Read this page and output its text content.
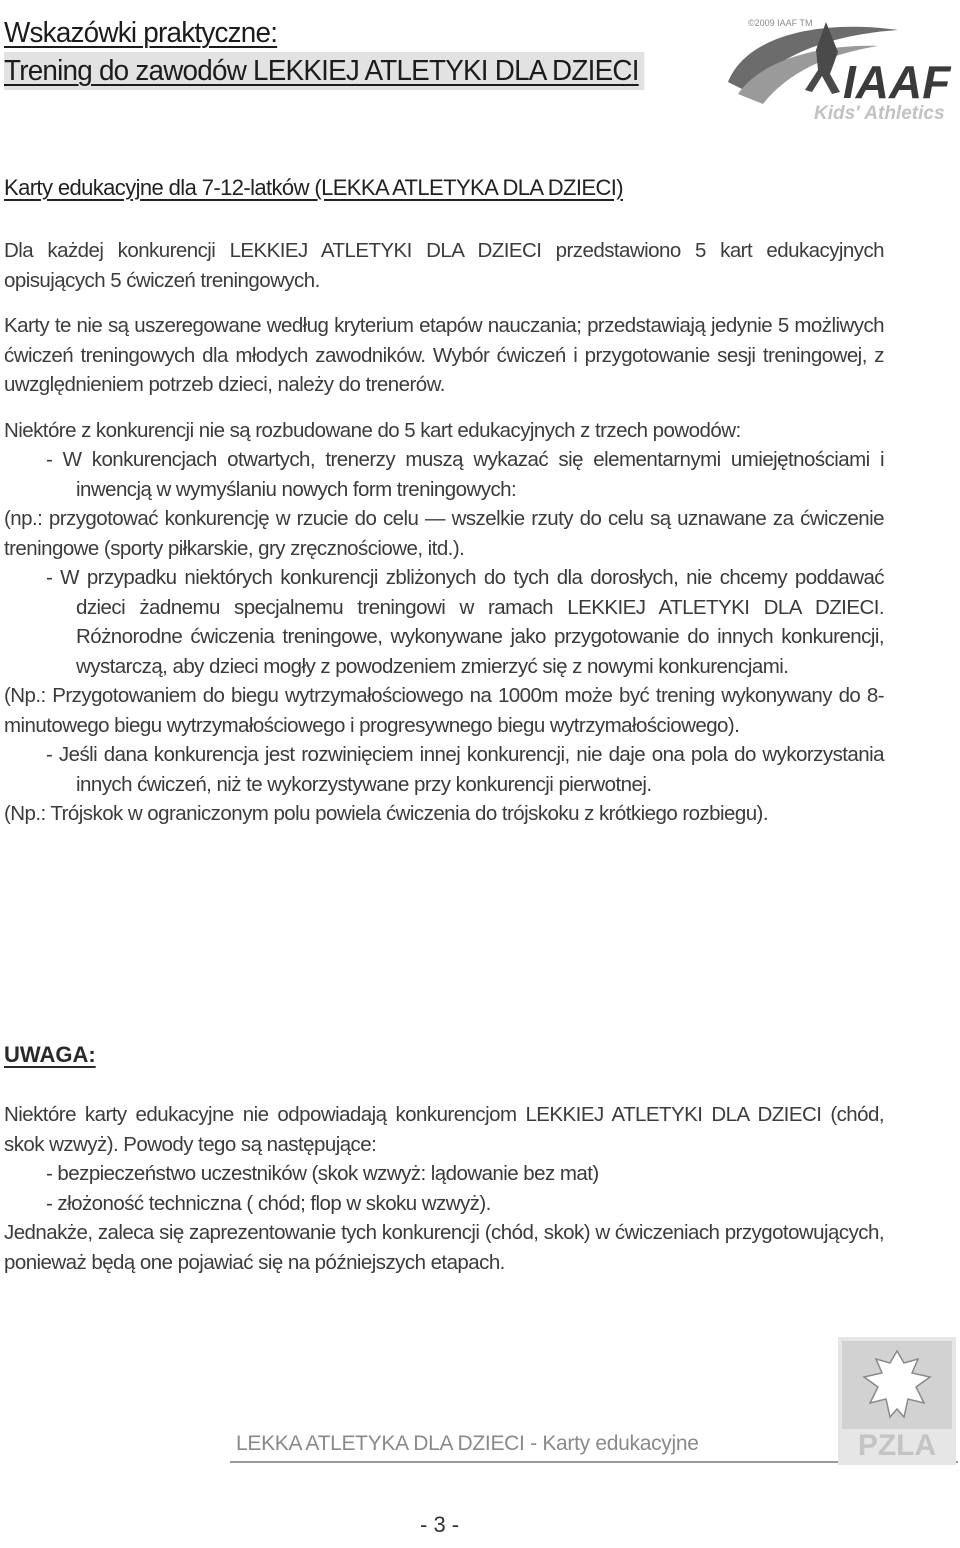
Wskazówki praktyczne:
Trening do zawodów LEKKIEJ ATLETYKI DLA DZIECI
©2009 IAAF TM
IAAF
Kids' Athletics
Karty edukacyjne dla 7-12-latków (LEKKA ATLETYKA DLA DZIECI)

Dla każdej konkurencji LEKKIEJ ATLETYKI DLA DZIECI przedstawiono 5 kart edukacyjnych opisujących 5 ćwiczeń treningowych.

Karty te nie są uszeregowane według kryterium etapów nauczania; przedstawiają jedynie 5 możliwych ćwiczeń treningowych dla młodych zawodników. Wybór ćwiczeń i przygotowanie sesji treningowej, z uwzględnieniem potrzeb dzieci, należy do trenerów.

Niektóre z konkurencji nie są rozbudowane do 5 kart edukacyjnych z trzech powodów:

- W konkurencjach otwartych, trenerzy muszą wykazać się elementarnymi umiejętnościami i inwencją w wymyślaniu nowych form treningowych:

(np.: przygotować konkurencję w rzucie do celu — wszelkie rzuty do celu są uznawane za ćwiczenie treningowe (sporty piłkarskie, gry zręcznościowe, itd.).

- W przypadku niektórych konkurencji zbliżonych do tych dla dorosłych, nie chcemy poddawać dzieci żadnemu specjalnemu treningowi w ramach LEKKIEJ ATLETYKI DLA DZIECI. Różnorodne ćwiczenia treningowe, wykonywane jako przygotowanie do innych konkurencji, wystarczą, aby dzieci mogły z powodzeniem zmierzyć się z nowymi konkurencjami.

(Np.: Przygotowaniem do biegu wytrzymałościowego na 1000m może być trening wykonywany do 8-minutowego biegu wytrzymałościowego i progresywnego biegu wytrzymałościowego).

- Jeśli dana konkurencja jest rozwinięciem innej konkurencji, nie daje ona pola do wykorzystania innych ćwiczeń, niż te wykorzystywane przy konkurencji pierwotnej.

(Np.: Trójskok w ograniczonym polu powiela ćwiczenia do trójskoku z krótkiego rozbiegu).

UWAGA:

Niektóre karty edukacyjne nie odpowiadają konkurencjom LEKKIEJ ATLETYKI DLA DZIECI (chód, skok wzwyż). Powody tego są następujące:

- bezpieczeństwo uczestników (skok wzwyż: lądowanie bez mat)
- złożoność techniczna ( chód; flop w skoku wzwyż).

Jednakże, zaleca się zaprezentowanie tych konkurencji (chód, skok) w ćwiczeniach przygotowujących, ponieważ będą one pojawiać się na późniejszych etapach.

LEKKA ATLETYKA DLA DZIECI - Karty edukacyjne	PZLA
- 3 -
